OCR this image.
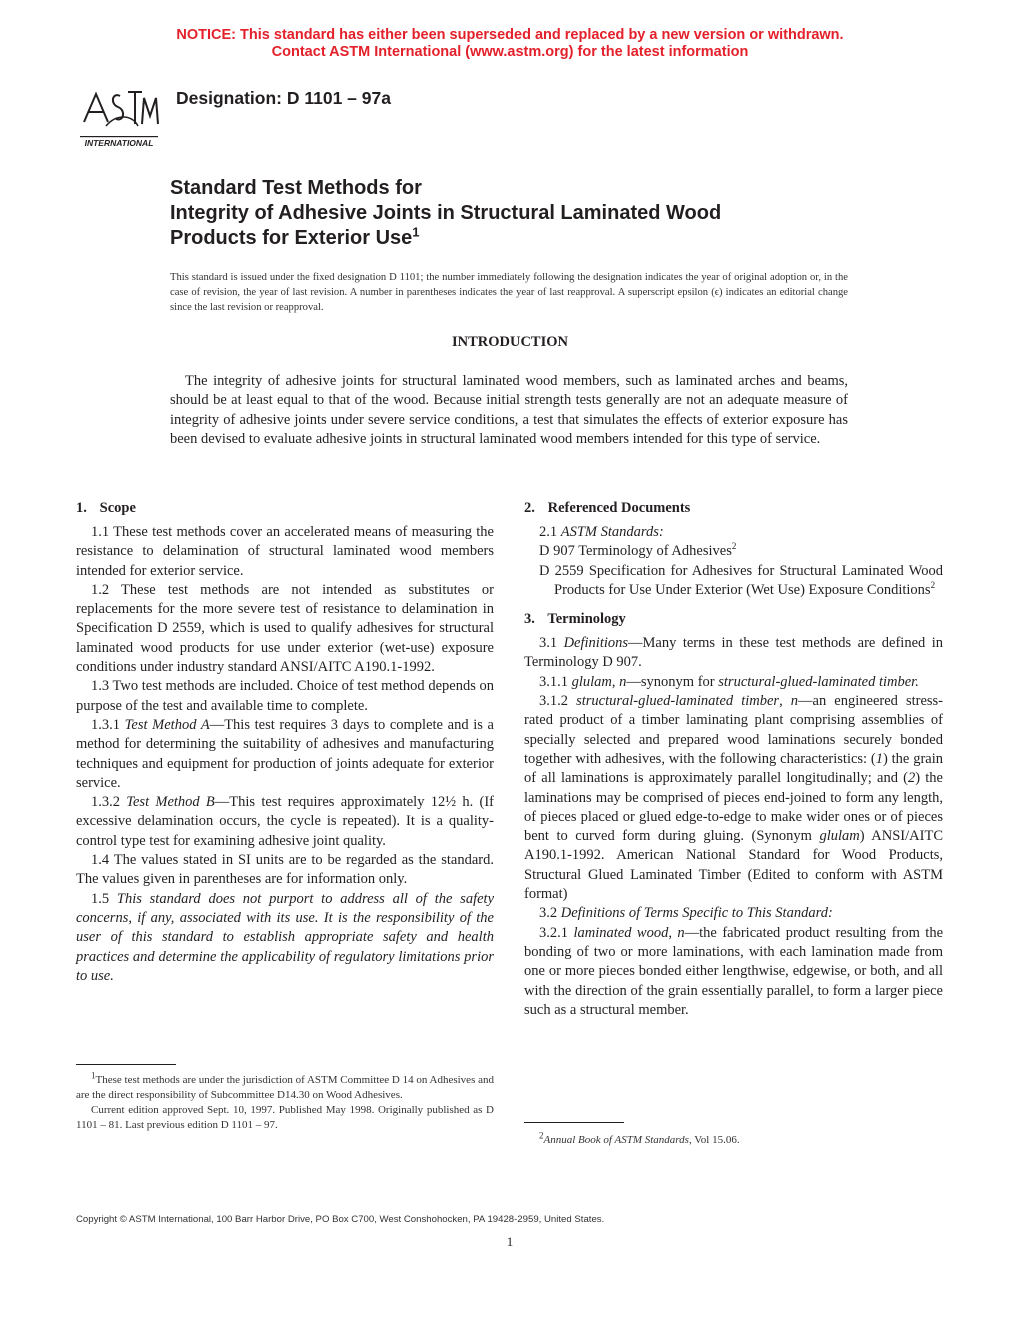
NOTICE: This standard has either been superseded and replaced by a new version or withdrawn.
Contact ASTM International (www.astm.org) for the latest information
INTERNATIONAL
Designation: D 1101 – 97a
Standard Test Methods for
Integrity of Adhesive Joints in Structural Laminated Wood
Products for Exterior Use$^1$
This standard is issued under the fixed designation D 1101; the number immediately following the designation indicates the year of original adoption or, in the case of revision, the year of last revision. A number in parentheses indicates the year of last reapproval. A superscript epsilon (ϵ) indicates an editorial change since the last revision or reapproval.
INTRODUCTION
The integrity of adhesive joints for structural laminated wood members, such as laminated arches and beams, should be at least equal to that of the wood. Because initial strength tests generally are not an adequate measure of integrity of adhesive joints under severe service conditions, a test that simulates the effects of exterior exposure has been devised to evaluate adhesive joints in structural laminated wood members intended for this type of service.
1. Scope

1.1 These test methods cover an accelerated means of measuring the resistance to delamination of structural laminated wood members intended for exterior service.

1.2 These test methods are not intended as substitutes or replacements for the more severe test of resistance to delamination in Specification D 2559, which is used to qualify adhesives for structural laminated wood products for use under exterior (wet-use) exposure conditions under industry standard ANSI/AITC A190.1-1992.

1.3 Two test methods are included. Choice of test method depends on purpose of the test and available time to complete.

1.3.1 Test Method A—This test requires 3 days to complete and is a method for determining the suitability of adhesives and manufacturing techniques and equipment for production of joints adequate for exterior service.

1.3.2 Test Method B—This test requires approximately 12½ h. (If excessive delamination occurs, the cycle is repeated). It is a quality-control type test for examining adhesive joint quality.

1.4 The values stated in SI units are to be regarded as the standard. The values given in parentheses are for information only.

1.5 This standard does not purport to address all of the safety concerns, if any, associated with its use. It is the responsibility of the user of this standard to establish appropriate safety and health practices and determine the applicability of regulatory limitations prior to use.

$^1$These test methods are under the jurisdiction of ASTM Committee D 14 on Adhesives and are the direct responsibility of Subcommittee D14.30 on Wood Adhesives.

Current edition approved Sept. 10, 1997. Published May 1998. Originally published as D 1101 – 81. Last previous edition D 1101 – 97.

2. Referenced Documents

2.1 ASTM Standards:

D 907 Terminology of Adhesives$^2$

D 2559 Specification for Adhesives for Structural Laminated Wood Products for Use Under Exterior (Wet Use) Exposure Conditions$^2$

3. Terminology

3.1 Definitions—Many terms in these test methods are defined in Terminology D 907.

3.1.1 glulam, n—synonym for structural-glued-laminated timber.

3.1.2 structural-glued-laminated timber, n—an engineered stress-rated product of a timber laminating plant comprising assemblies of specially selected and prepared wood laminations securely bonded together with adhesives, with the following characteristics: (1) the grain of all laminations is approximately parallel longitudinally; and (2) the laminations may be comprised of pieces end-joined to form any length, of pieces placed or glued edge-to-edge to make wider ones or of pieces bent to curved form during gluing. (Synonym glulam) ANSI/AITC A190.1-1992. American National Standard for Wood Products, Structural Glued Laminated Timber (Edited to conform with ASTM format)

3.2 Definitions of Terms Specific to This Standard:

3.2.1 laminated wood, n—the fabricated product resulting from the bonding of two or more laminations, with each lamination made from one or more pieces bonded either lengthwise, edgewise, or both, and all with the direction of the grain essentially parallel, to form a larger piece such as a structural member.

$^2$Annual Book of ASTM Standards, Vol 15.06.

Copyright © ASTM International, 100 Barr Harbor Drive, PO Box C700, West Conshohocken, PA 19428-2959, United States.
1
